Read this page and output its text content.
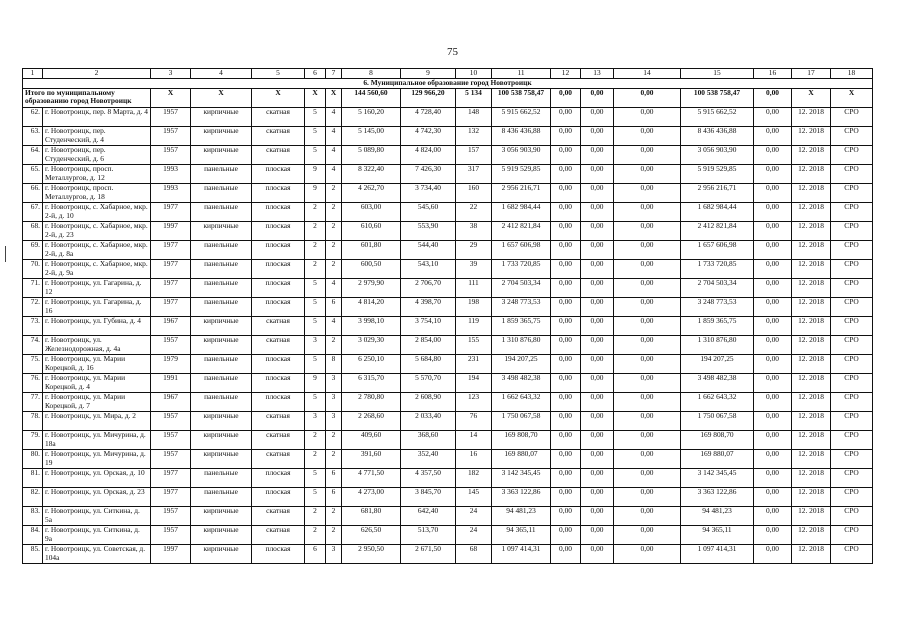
75
1	2	3	4	5	6	7	8	9	10	11	12	13	14	15	16	17	18
6. Муниципальное образование город Новотроицк																	
Итого по муниципальному образованию город Новотроицк		X	X	X	X	X	144 560,60	129 966,20	5 134	100 538 758,47	0,00	0,00	0,00	100 538 758,47	0,00	X	X
62.	г. Новотроицк, пер. 8 Марта, д. 4	1957	кирпичные	скатная	5	4	5 160,20	4 728,40	148	5 915 662,52	0,00	0,00	0,00	5 915 662,52	0,00	12. 2018	СРО
63.	г. Новотроицк, пер. Студенческий, д. 4	1957	кирпичные	скатная	5	4	5 145,00	4 742,30	132	8 436 436,88	0,00	0,00	0,00	8 436 436,88	0,00	12. 2018	СРО
64.	г. Новотроицк, пер. Студенческий, д. 6	1957	кирпичные	скатная	5	4	5 089,80	4 824,00	157	3 056 903,90	0,00	0,00	0,00	3 056 903,90	0,00	12. 2018	СРО
65.	г. Новотроицк, просп. Металлургов, д. 12	1993	панельные	плоская	9	4	8 322,40	7 426,30	317	5 919 529,85	0,00	0,00	0,00	5 919 529,85	0,00	12. 2018	СРО
66.	г. Новотроицк, просп. Металлургов, д. 18	1993	панельные	плоская	9	2	4 262,70	3 734,40	160	2 956 216,71	0,00	0,00	0,00	2 956 216,71	0,00	12. 2018	СРО
67.	г. Новотроицк, с. Хабарное, мкр. 2-й, д. 10	1977	панельные	плоская	2	2	603,00	545,60	22	1 682 984,44	0,00	0,00	0,00	1 682 984,44	0,00	12. 2018	СРО
68.	г. Новотроицк, с. Хабарное, мкр. 2-й, д. 23	1997	кирпичные	плоская	2	2	610,60	553,90	38	2 412 821,84	0,00	0,00	0,00	2 412 821,84	0,00	12. 2018	СРО
69.	г. Новотроицк, с. Хабарное, мкр. 2-й, д. 8а	1977	панельные	плоская	2	2	601,80	544,40	29	1 657 606,98	0,00	0,00	0,00	1 657 606,98	0,00	12. 2018	СРО
70.	г. Новотроицк, с. Хабарное, мкр. 2-й, д. 9а	1977	панельные	плоская	2	2	600,50	543,10	39	1 733 720,85	0,00	0,00	0,00	1 733 720,85	0,00	12. 2018	СРО
71.	г. Новотроицк, ул. Гагарина, д. 12	1977	панельные	плоская	5	4	2 979,90	2 706,70	111	2 704 503,34	0,00	0,00	0,00	2 704 503,34	0,00	12. 2018	СРО
72.	г. Новотроицк, ул. Гагарина, д. 16	1977	панельные	плоская	5	6	4 814,20	4 398,70	198	3 248 773,53	0,00	0,00	0,00	3 248 773,53	0,00	12. 2018	СРО
73.	г. Новотроицк, ул. Губина, д. 4	1967	кирпичные	скатная	5	4	3 998,10	3 754,10	119	1 859 365,75	0,00	0,00	0,00	1 859 365,75	0,00	12. 2018	СРО
74.	г. Новотроицк, ул. Железнодорожная, д. 4а	1957	кирпичные	скатная	3	2	3 029,30	2 854,00	155	1 310 876,80	0,00	0,00	0,00	1 310 876,80	0,00	12. 2018	СРО
75.	г. Новотроицк, ул. Марии Корецкой, д. 16	1979	панельные	плоская	5	8	6 250,10	5 684,80	231	194 207,25	0,00	0,00	0,00	194 207,25	0,00	12. 2018	СРО
76.	г. Новотроицк, ул. Марии Корецкой, д. 4	1991	панельные	плоская	9	3	6 315,70	5 570,70	194	3 498 482,38	0,00	0,00	0,00	3 498 482,38	0,00	12. 2018	СРО
77.	г. Новотроицк, ул. Марии Корецкой, д. 7	1967	панельные	плоская	5	3	2 780,80	2 608,90	123	1 662 643,32	0,00	0,00	0,00	1 662 643,32	0,00	12. 2018	СРО
78.	г. Новотроицк, ул. Мира, д. 2	1957	кирпичные	скатная	3	3	2 268,60	2 033,40	76	1 750 067,58	0,00	0,00	0,00	1 750 067,58	0,00	12. 2018	СРО
79.	г. Новотроицк, ул. Мичурина, д. 18а	1957	кирпичные	скатная	2	2	409,60	368,60	14	169 808,70	0,00	0,00	0,00	169 808,70	0,00	12. 2018	СРО
80.	г. Новотроицк, ул. Мичурина, д. 19	1957	кирпичные	скатная	2	2	391,60	352,40	16	169 880,07	0,00	0,00	0,00	169 880,07	0,00	12. 2018	СРО
81.	г. Новотроицк, ул. Орская, д. 10	1977	панельные	плоская	5	6	4 771,50	4 357,50	182	3 142 345,45	0,00	0,00	0,00	3 142 345,45	0,00	12. 2018	СРО
82.	г. Новотроицк, ул. Орская, д. 23	1977	панельные	плоская	5	6	4 273,00	3 845,70	145	3 363 122,86	0,00	0,00	0,00	3 363 122,86	0,00	12. 2018	СРО
83.	г. Новотроицк, ул. Ситкина, д. 5а	1957	кирпичные	скатная	2	2	681,80	642,40	24	94 481,23	0,00	0,00	0,00	94 481,23	0,00	12. 2018	СРО
84.	г. Новотроицк, ул. Ситкина, д. 9а	1957	кирпичные	скатная	2	2	626,50	513,70	24	94 365,11	0,00	0,00	0,00	94 365,11	0,00	12. 2018	СРО
85.	г. Новотроицк, ул. Советская, д. 104а	1997	кирпичные	плоская	6	3	2 950,50	2 671,50	68	1 097 414,31	0,00	0,00	0,00	1 097 414,31	0,00	12. 2018	СРО
